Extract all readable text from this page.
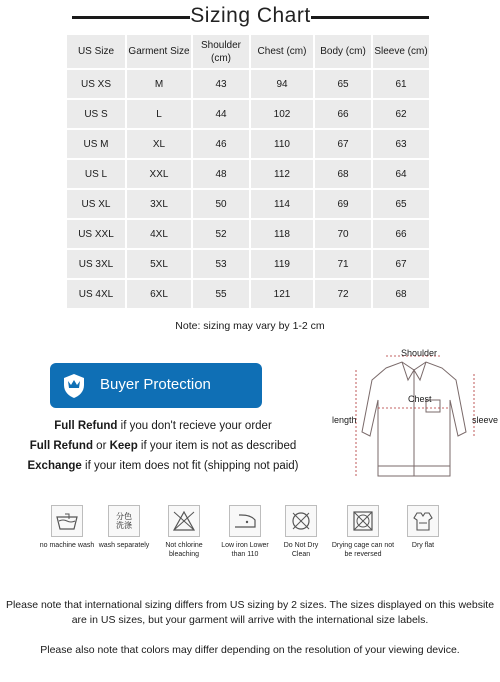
Sizing Chart
US Size	Garment Size	Shoulder (cm)	Chest (cm)	Body (cm)	Sleeve (cm)
US XS	M	43	94	65	61
US S	L	44	102	66	62
US M	XL	46	110	67	63
US L	XXL	48	112	68	64
US XL	3XL	50	114	69	65
US XXL	4XL	52	118	70	66
US 3XL	5XL	53	119	71	67
US 4XL	6XL	55	121	72	68
Note: sizing may vary by 1-2 cm
Buyer Protection
Full Refund if you don't recieve your order
Full Refund or Keep if your item is not as described
Exchange if your item does not fit (shipping not paid)
Shoulder
Chest
length	sleeve
no machine wash
分色
洗涤
wash separately	Not chlorine bleaching
Low iron Lower than 110
Do Not Dry Clean
Drying cage can not be reversed
Dry flat
Please note that international sizing differs from US sizing by 2 sizes. The sizes displayed on this website are in US sizes, but your garment will arrive with the international size labels.
Please also note that colors may differ depending on the resolution of your viewing device.
